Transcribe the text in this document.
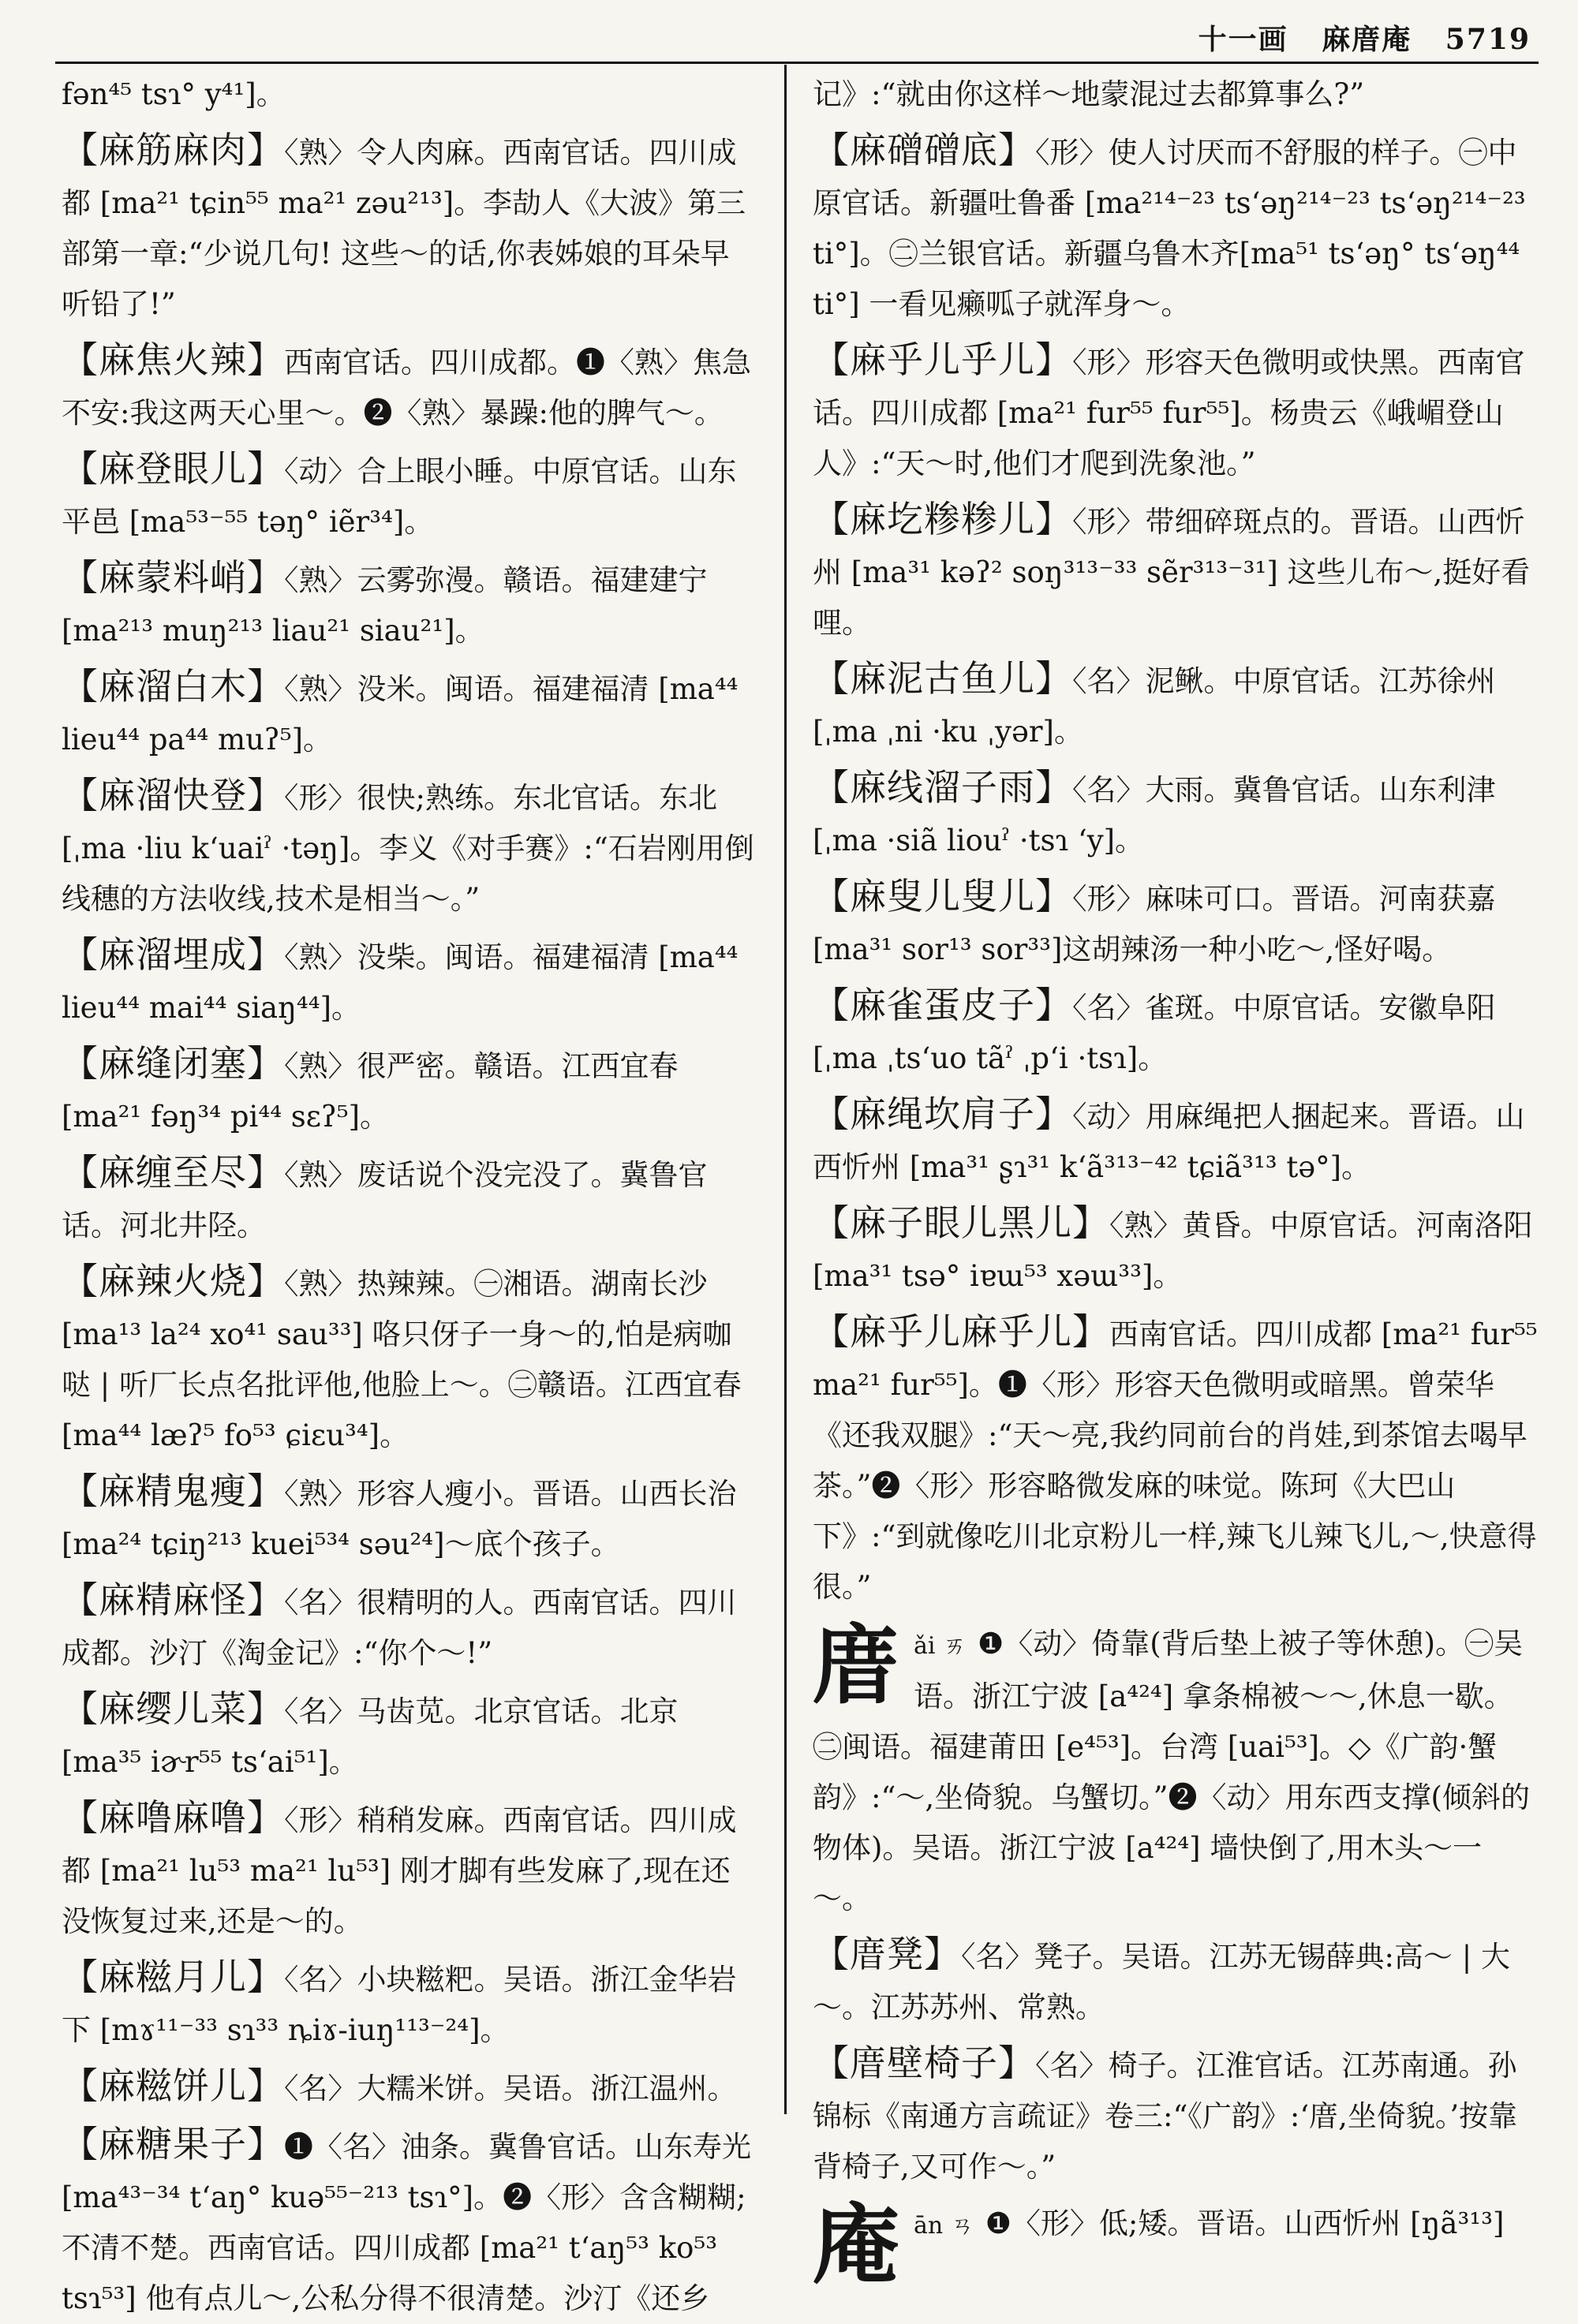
十一画 麻庴庵 5719
fən⁴⁵ tsɿ° y⁴¹]。
【麻筋麻肉】〈熟〉令人肉麻。西南官话。四川成都 [ma²¹ tɕin⁵⁵ ma²¹ zəu²¹³]。李劼人《大波》第三部第一章:“少说几句! 这些～的话,你表姊娘的耳朵早听铅了!”
【麻焦火辣】西南官话。四川成都。❶〈熟〉焦急不安:我这两天心里～。❷〈熟〉暴躁:他的脾气～。
【麻登眼儿】〈动〉合上眼小睡。中原官话。山东平邑 [ma⁵³⁻⁵⁵ təŋ° iẽr³⁴]。
【麻蒙料峭】〈熟〉云雾弥漫。赣语。福建建宁 [ma²¹³ muŋ²¹³ liau²¹ siau²¹]。
【麻溜白木】〈熟〉没米。闽语。福建福清 [ma⁴⁴ lieu⁴⁴ pa⁴⁴ muʔ⁵]。
【麻溜快登】〈形〉很快;熟练。东北官话。东北[ˌma ·liu k‘uaiˀ ·təŋ]。李义《对手赛》:“石岩刚用倒线穗的方法收线,技术是相当～。”
【麻溜埋成】〈熟〉没柴。闽语。福建福清 [ma⁴⁴ lieu⁴⁴ mai⁴⁴ siaŋ⁴⁴]。
【麻缝闭塞】〈熟〉很严密。赣语。江西宜春 [ma²¹ fəŋ³⁴ pi⁴⁴ sɛʔ⁵]。
【麻缠至尽】〈熟〉废话说个没完没了。冀鲁官话。河北井陉。
【麻辣火烧】〈熟〉热辣辣。㊀湘语。湖南长沙 [ma¹³ la²⁴ xo⁴¹ sau³³] 咯只伢子一身～的,怕是病咖哒 | 听厂长点名批评他,他脸上～。㊁赣语。江西宜春 [ma⁴⁴ læʔ⁵ fo⁵³ ɕiɛu³⁴]。
【麻精鬼瘦】〈熟〉形容人瘦小。晋语。山西长治 [ma²⁴ tɕiŋ²¹³ kuei⁵³⁴ səu²⁴]～底个孩子。
【麻精麻怪】〈名〉很精明的人。西南官话。四川成都。沙汀《淘金记》:“你个～!”
【麻缨儿菜】〈名〉马齿苋。北京官话。北京 [ma³⁵ iɚr⁵⁵ ts‘ai⁵¹]。
【麻噜麻噜】〈形〉稍稍发麻。西南官话。四川成都 [ma²¹ lu⁵³ ma²¹ lu⁵³] 刚才脚有些发麻了,现在还没恢复过来,还是～的。
【麻糍月儿】〈名〉小块糍粑。吴语。浙江金华岩下 [mɤ¹¹⁻³³ sɿ³³ ȵiɤ-iuŋ¹¹³⁻²⁴]。
【麻糍饼儿】〈名〉大糯米饼。吴语。浙江温州。
【麻糖果子】❶〈名〉油条。冀鲁官话。山东寿光 [ma⁴³⁻³⁴ t‘aŋ° kuə⁵⁵⁻²¹³ tsɿ°]。❷〈形〉含含糊糊;不清不楚。西南官话。四川成都 [ma²¹ t‘aŋ⁵³ ko⁵³ tsɿ⁵³] 他有点儿～,公私分得不很清楚。沙汀《还乡
记》:“就由你这样～地蒙混过去都算事么?”
【麻磳磳底】〈形〉使人讨厌而不舒服的样子。㊀中原官话。新疆吐鲁番 [ma²¹⁴⁻²³ ts‘əŋ²¹⁴⁻²³ ts‘əŋ²¹⁴⁻²³ ti°]。㊁兰银官话。新疆乌鲁木齐[ma⁵¹ ts‘əŋ° ts‘əŋ⁴⁴ ti°] 一看见癞呱子就浑身～。
【麻乎儿乎儿】〈形〉形容天色微明或快黑。西南官话。四川成都 [ma²¹ fur⁵⁵ fur⁵⁵]。杨贵云《峨嵋登山人》:“天～时,他们才爬到洗象池。”
【麻圪糁糁儿】〈形〉带细碎斑点的。晋语。山西忻州 [ma³¹ kəʔ² soŋ³¹³⁻³³ sẽr³¹³⁻³¹] 这些儿布～,挺好看哩。
【麻泥古鱼儿】〈名〉泥鳅。中原官话。江苏徐州[ˌma ˌni ·ku ˌyər]。
【麻线溜子雨】〈名〉大雨。冀鲁官话。山东利津[ˌma ·siã liouˀ ·tsɿ ‘y]。
【麻叟儿叟儿】〈形〉麻味可口。晋语。河南获嘉 [ma³¹ sor¹³ sor³³]这胡辣汤一种小吃～,怪好喝。
【麻雀蛋皮子】〈名〉雀斑。中原官话。安徽阜阳[ˌma ˌts‘uo tãˀ ˌp‘i ·tsɿ]。
【麻绳坎肩子】〈动〉用麻绳把人捆起来。晋语。山西忻州 [ma³¹ ʂɿ³¹ k‘ã³¹³⁻⁴² tɕiã³¹³ tə°]。
【麻子眼儿黑儿】〈熟〉黄昏。中原官话。河南洛阳 [ma³¹ tsə° iɐɯ⁵³ xəɯ³³]。
【麻乎儿麻乎儿】西南官话。四川成都 [ma²¹ fur⁵⁵ ma²¹ fur⁵⁵]。❶〈形〉形容天色微明或暗黑。曾荣华《还我双腿》:“天～亮,我约同前台的肖娃,到茶馆去喝早茶。”❷〈形〉形容略微发麻的味觉。陈珂《大巴山下》:“到就像吃川北京粉儿一样,辣飞儿辣飞儿,～,快意得很。”
庴ǎi ㄞ ❶〈动〉倚靠(背后垫上被子等休憩)。㊀吴语。浙江宁波 [a⁴²⁴] 拿条棉被～～,休息一歇。㊁闽语。福建莆田 [e⁴⁵³]。台湾 [uai⁵³]。◇《广韵·蟹韵》:“～,坐倚貌。乌蟹切。”❷〈动〉用东西支撑(倾斜的物体)。吴语。浙江宁波 [a⁴²⁴] 墙快倒了,用木头～一～。
【庴凳】〈名〉凳子。吴语。江苏无锡薛典:高～ | 大～。江苏苏州、常熟。
【庴壁椅子】〈名〉椅子。江淮官话。江苏南通。孙锦标《南通方言疏证》卷三:“《广韵》:‘庴,坐倚貌。’按靠背椅子,又可作～。”
庵ān ㄢ ❶〈形〉低;矮。晋语。山西忻州 [ŋã³¹³]
